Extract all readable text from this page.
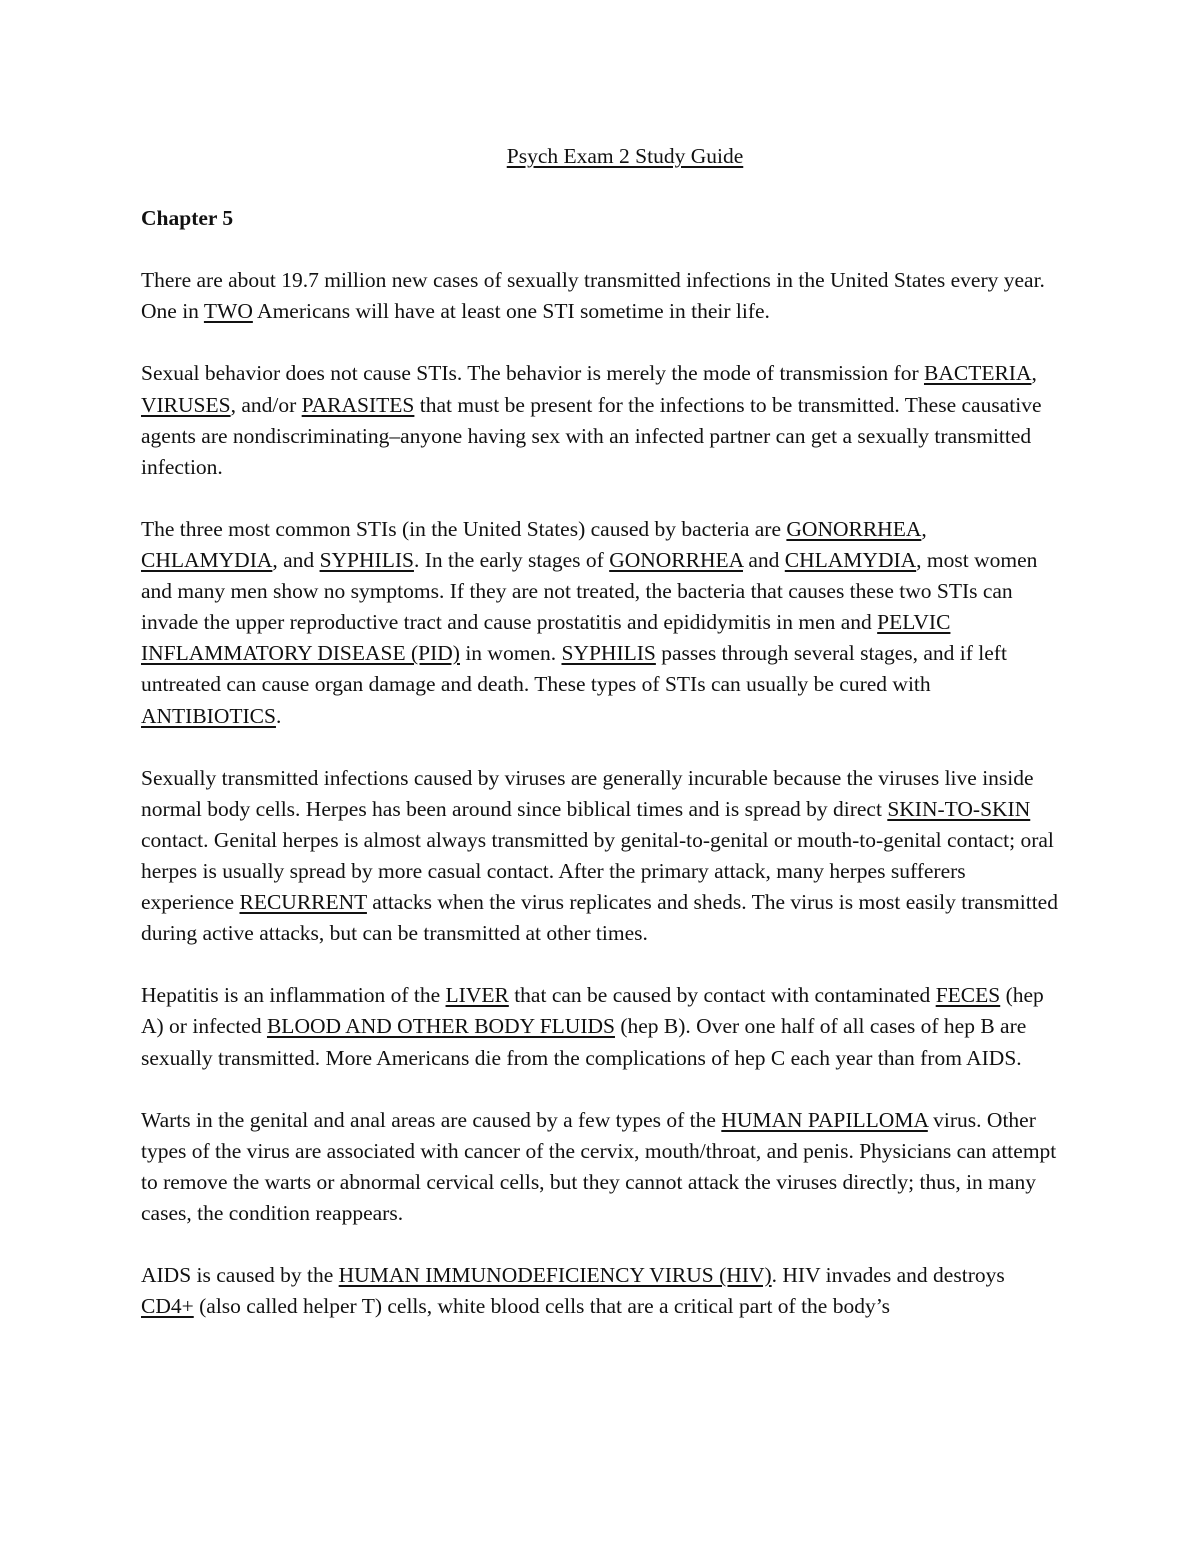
Psych Exam 2 Study Guide
Chapter 5

There are about 19.7 million new cases of sexually transmitted infections in the United States every year. One in TWO Americans will have at least one STI sometime in their life.

Sexual behavior does not cause STIs. The behavior is merely the mode of transmission for BACTERIA, VIRUSES, and/or PARASITES that must be present for the infections to be transmitted. These causative agents are nondiscriminating–anyone having sex with an infected partner can get a sexually transmitted infection.

The three most common STIs (in the United States) caused by bacteria are GONORRHEA, CHLAMYDIA, and SYPHILIS. In the early stages of GONORRHEA and CHLAMYDIA, most women and many men show no symptoms. If they are not treated, the bacteria that causes these two STIs can invade the upper reproductive tract and cause prostatitis and epididymitis in men and PELVIC INFLAMMATORY DISEASE (PID) in women. SYPHILIS passes through several stages, and if left untreated can cause organ damage and death. These types of STIs can usually be cured with ANTIBIOTICS.

Sexually transmitted infections caused by viruses are generally incurable because the viruses live inside normal body cells. Herpes has been around since biblical times and is spread by direct SKIN-TO-SKIN contact. Genital herpes is almost always transmitted by genital-to-genital or mouth-to-genital contact; oral herpes is usually spread by more casual contact. After the primary attack, many herpes sufferers experience RECURRENT attacks when the virus replicates and sheds. The virus is most easily transmitted during active attacks, but can be transmitted at other times.

Hepatitis is an inflammation of the LIVER that can be caused by contact with contaminated FECES (hep A) or infected BLOOD AND OTHER BODY FLUIDS (hep B). Over one half of all cases of hep B are sexually transmitted. More Americans die from the complications of hep C each year than from AIDS.

Warts in the genital and anal areas are caused by a few types of the HUMAN PAPILLOMA virus. Other types of the virus are associated with cancer of the cervix, mouth/throat, and penis. Physicians can attempt to remove the warts or abnormal cervical cells, but they cannot attack the viruses directly; thus, in many cases, the condition reappears.

AIDS is caused by the HUMAN IMMUNODEFICIENCY VIRUS (HIV). HIV invades and destroys CD4+ (also called helper T) cells, white blood cells that are a critical part of the body’s
